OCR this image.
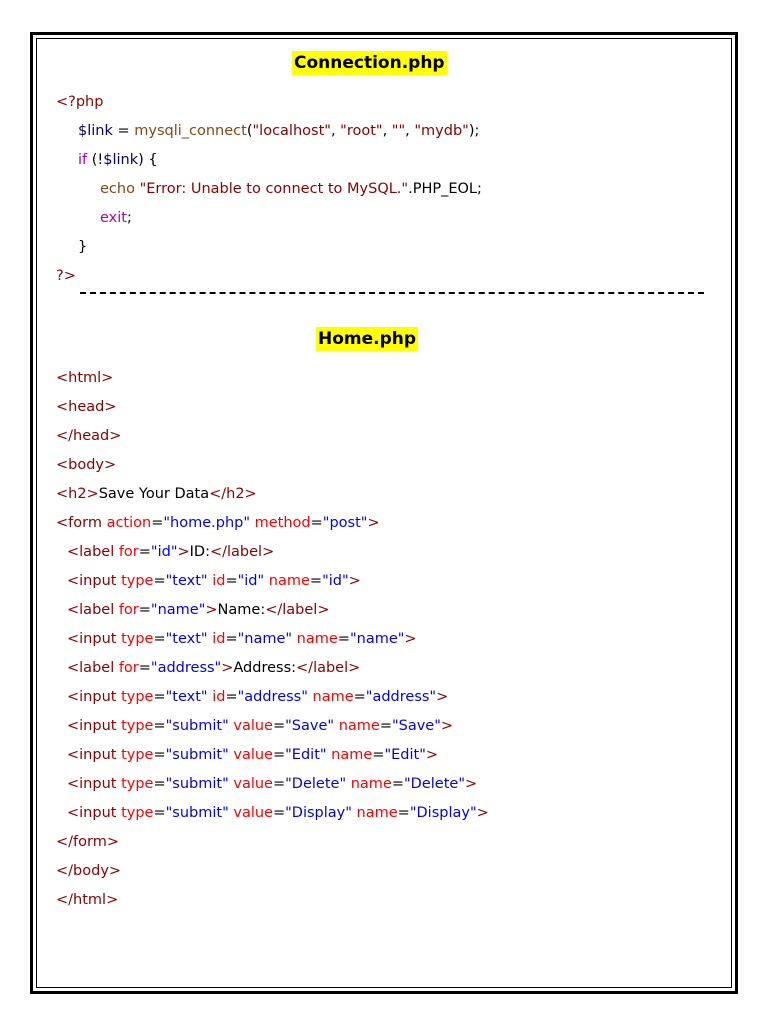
Connection.php
<?php
$link = mysqli_connect("localhost", "root", "", "mydb");
if (!$link) {
echo "Error: Unable to connect to MySQL.".PHP_EOL;
exit;
}
?>
Home.php
<html>
<head>
</head>
<body>
<h2>Save Your Data</h2>
<form action="home.php" method="post">
<label for="id">ID:</label>
<input type="text" id="id" name="id">
<label for="name">Name:</label>
<input type="text" id="name" name="name">
<label for="address">Address:</label>
<input type="text" id="address" name="address">
<input type="submit" value="Save" name="Save">
<input type="submit" value="Edit" name="Edit">
<input type="submit" value="Delete" name="Delete">
<input type="submit" value="Display" name="Display">
</form>
</body>
</html>
